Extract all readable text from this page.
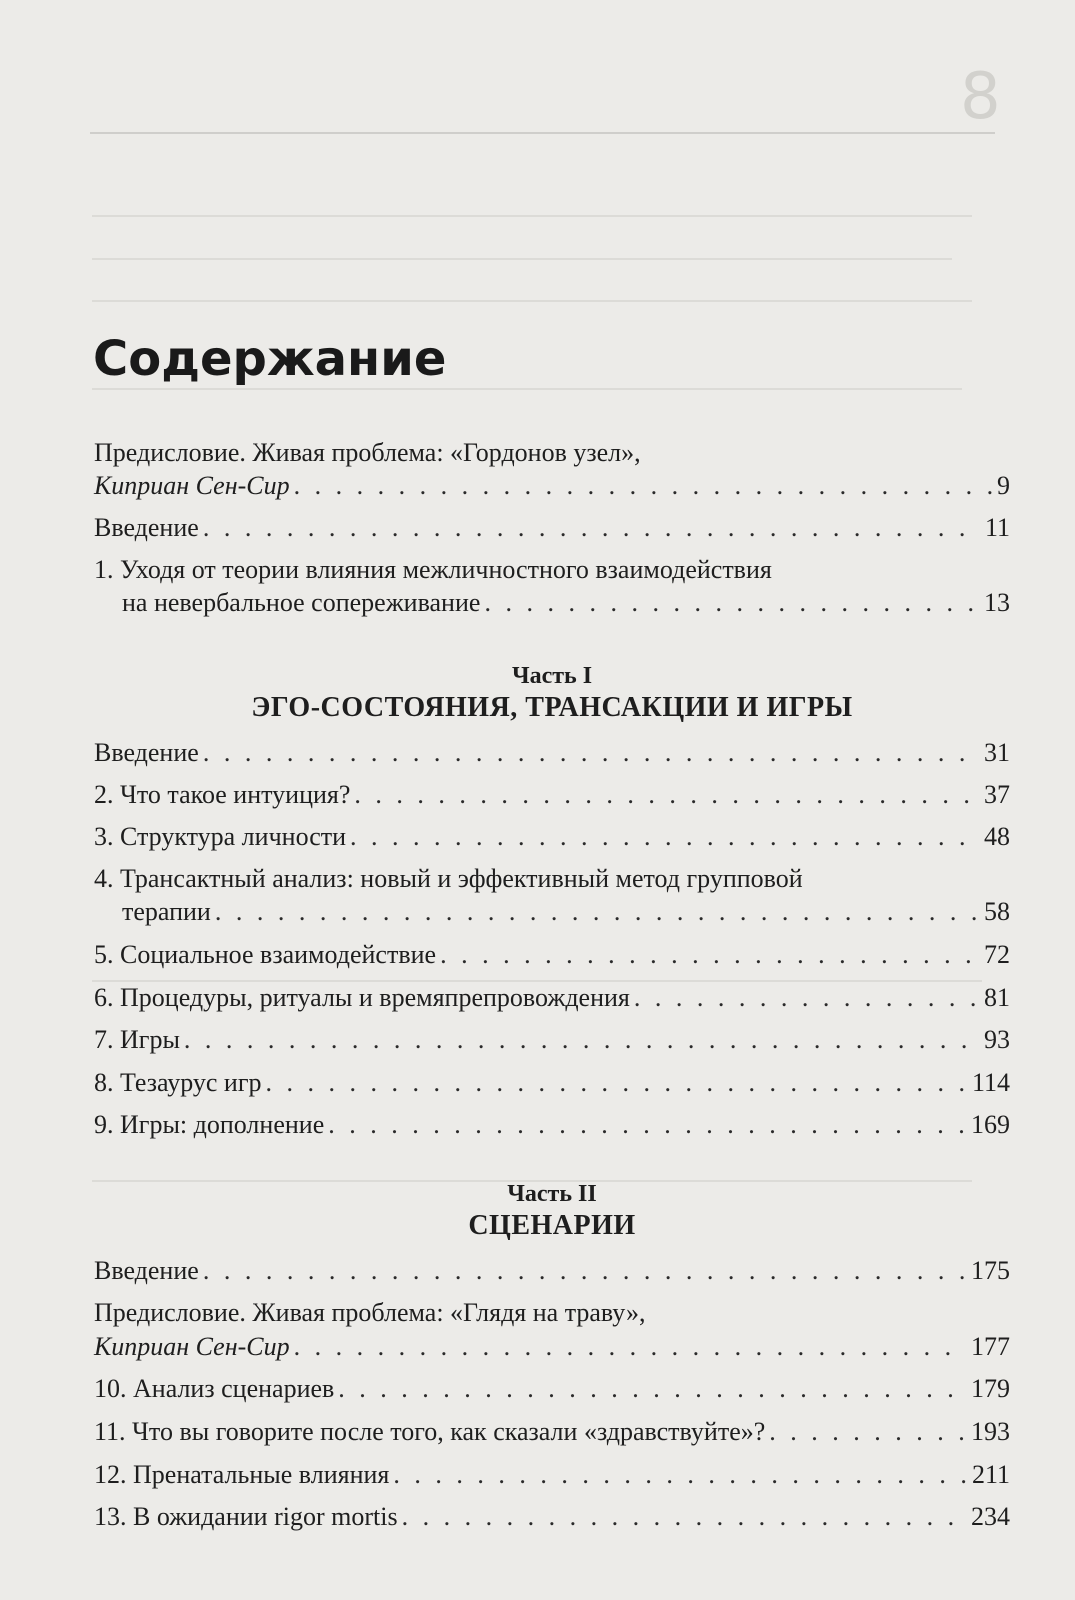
8
Содержание
Предисловие. Живая проблема: «Гордонов узел»,
Киприан Сен-Сир . . .	9
Введение . . .	11
1. Уходя от теории влияния межличностного взаимодействия
на невербальное сопереживание . . .	13
Часть I
ЭГО-СОСТОЯНИЯ, ТРАНСАКЦИИ И ИГРЫ
Введение . . .	31
2. Что такое интуиция? . . .	37
3. Структура личности . . .	48
4. Трансактный анализ: новый и эффективный метод групповой
терапии . . .	58
5. Социальное взаимодействие . . .	72
6. Процедуры, ритуалы и времяпрепровождения . . .	81
7. Игры . . .	93
8. Тезаурус игр . . .	114
9. Игры: дополнение . . .	169
Часть II
СЦЕНАРИИ
Введение . . .	175
Предисловие. Живая проблема: «Глядя на траву»,
Киприан Сен-Сир . . .	177
10. Анализ сценариев . . .	179
11. Что вы говорите после того, как сказали «здравствуйте»? . . .	193
12. Пренатальные влияния . . .	211
13. В ожидании rigor mortis . . .	234
